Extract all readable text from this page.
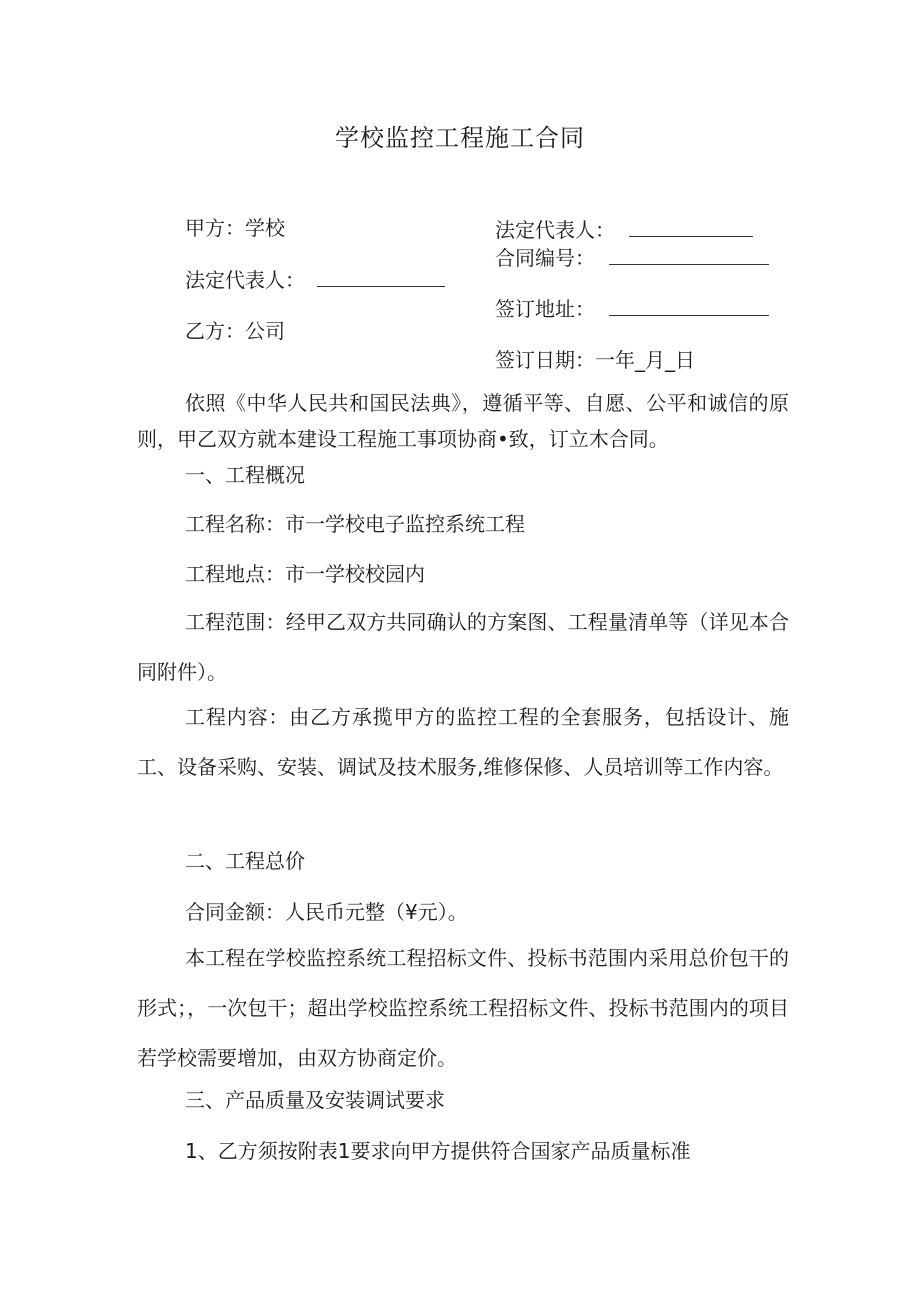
学校监控工程施工合同
甲方：学校
法定代表人：
乙方：公司
法定代表人：
合同编号：
签订地址：
签订日期：一年_月_日

依照《中华人民共和国民法典》，遵循平等、自愿、公平和诚信的原则，甲乙双方就本建设工程施工事项协商•致，订立木合同。

一、工程概况
工程名称：市一学校电子监控系统工程
工程地点：市一学校校园内

工程范围：经甲乙双方共同确认的方案图、工程量清单等（详见本合同附件）。

工程内容：由乙方承揽甲方的监控工程的全套服务，包括设计、施工、设备采购、安装、调试及技术服务,维修保修、人员培训等工作内容。

二、工程总价
合同金额：人民币元整（¥元）。

本工程在学校监控系统工程招标文件、投标书范围内采用总价包干的形式；，一次包干；超出学校监控系统工程招标文件、投标书范围内的项目若学校需要增加，由双方协商定价。

三、产品质量及安装调试要求
1、乙方须按附表1要求向甲方提供符合国家产品质量标准
